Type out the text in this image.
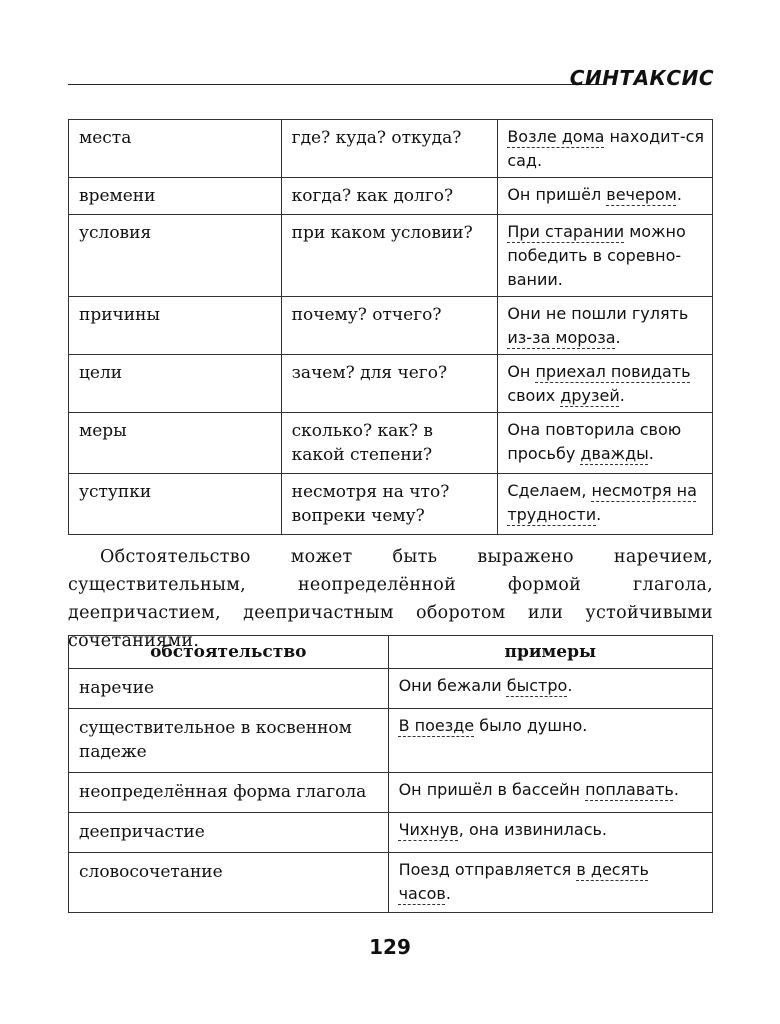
СИНТАКСИС
места	где? куда? откуда?	Возле дома находит-ся сад.
времени	когда? как долго?	Он пришёл вечером.
условия	при каком условии?	При старании можно победить в соревно-вании.
причины	почему? отчего?	Они не пошли гулять из-за мороза.
цели	зачем? для чего?	Он приехал повидать своих друзей.
меры	сколько? как? в какой степени?	Она повторила свою просьбу дважды.
уступки	несмотря на что? вопреки чему?	Сделаем, несмотря на трудности.

Обстоятельство может быть выражено наречием, существительным, неопределённой формой глагола, деепричастием, деепричастным оборотом или устойчивыми сочетаниями.

обстоятельство	примеры
наречие	Они бежали быстро.
существительное в косвенном падеже	В поезде было душно.
неопределённая форма глагола	Он пришёл в бассейн поплавать.
деепричастие	Чихнув, она извинилась.
словосочетание	Поезд отправляется в десять часов.
129
